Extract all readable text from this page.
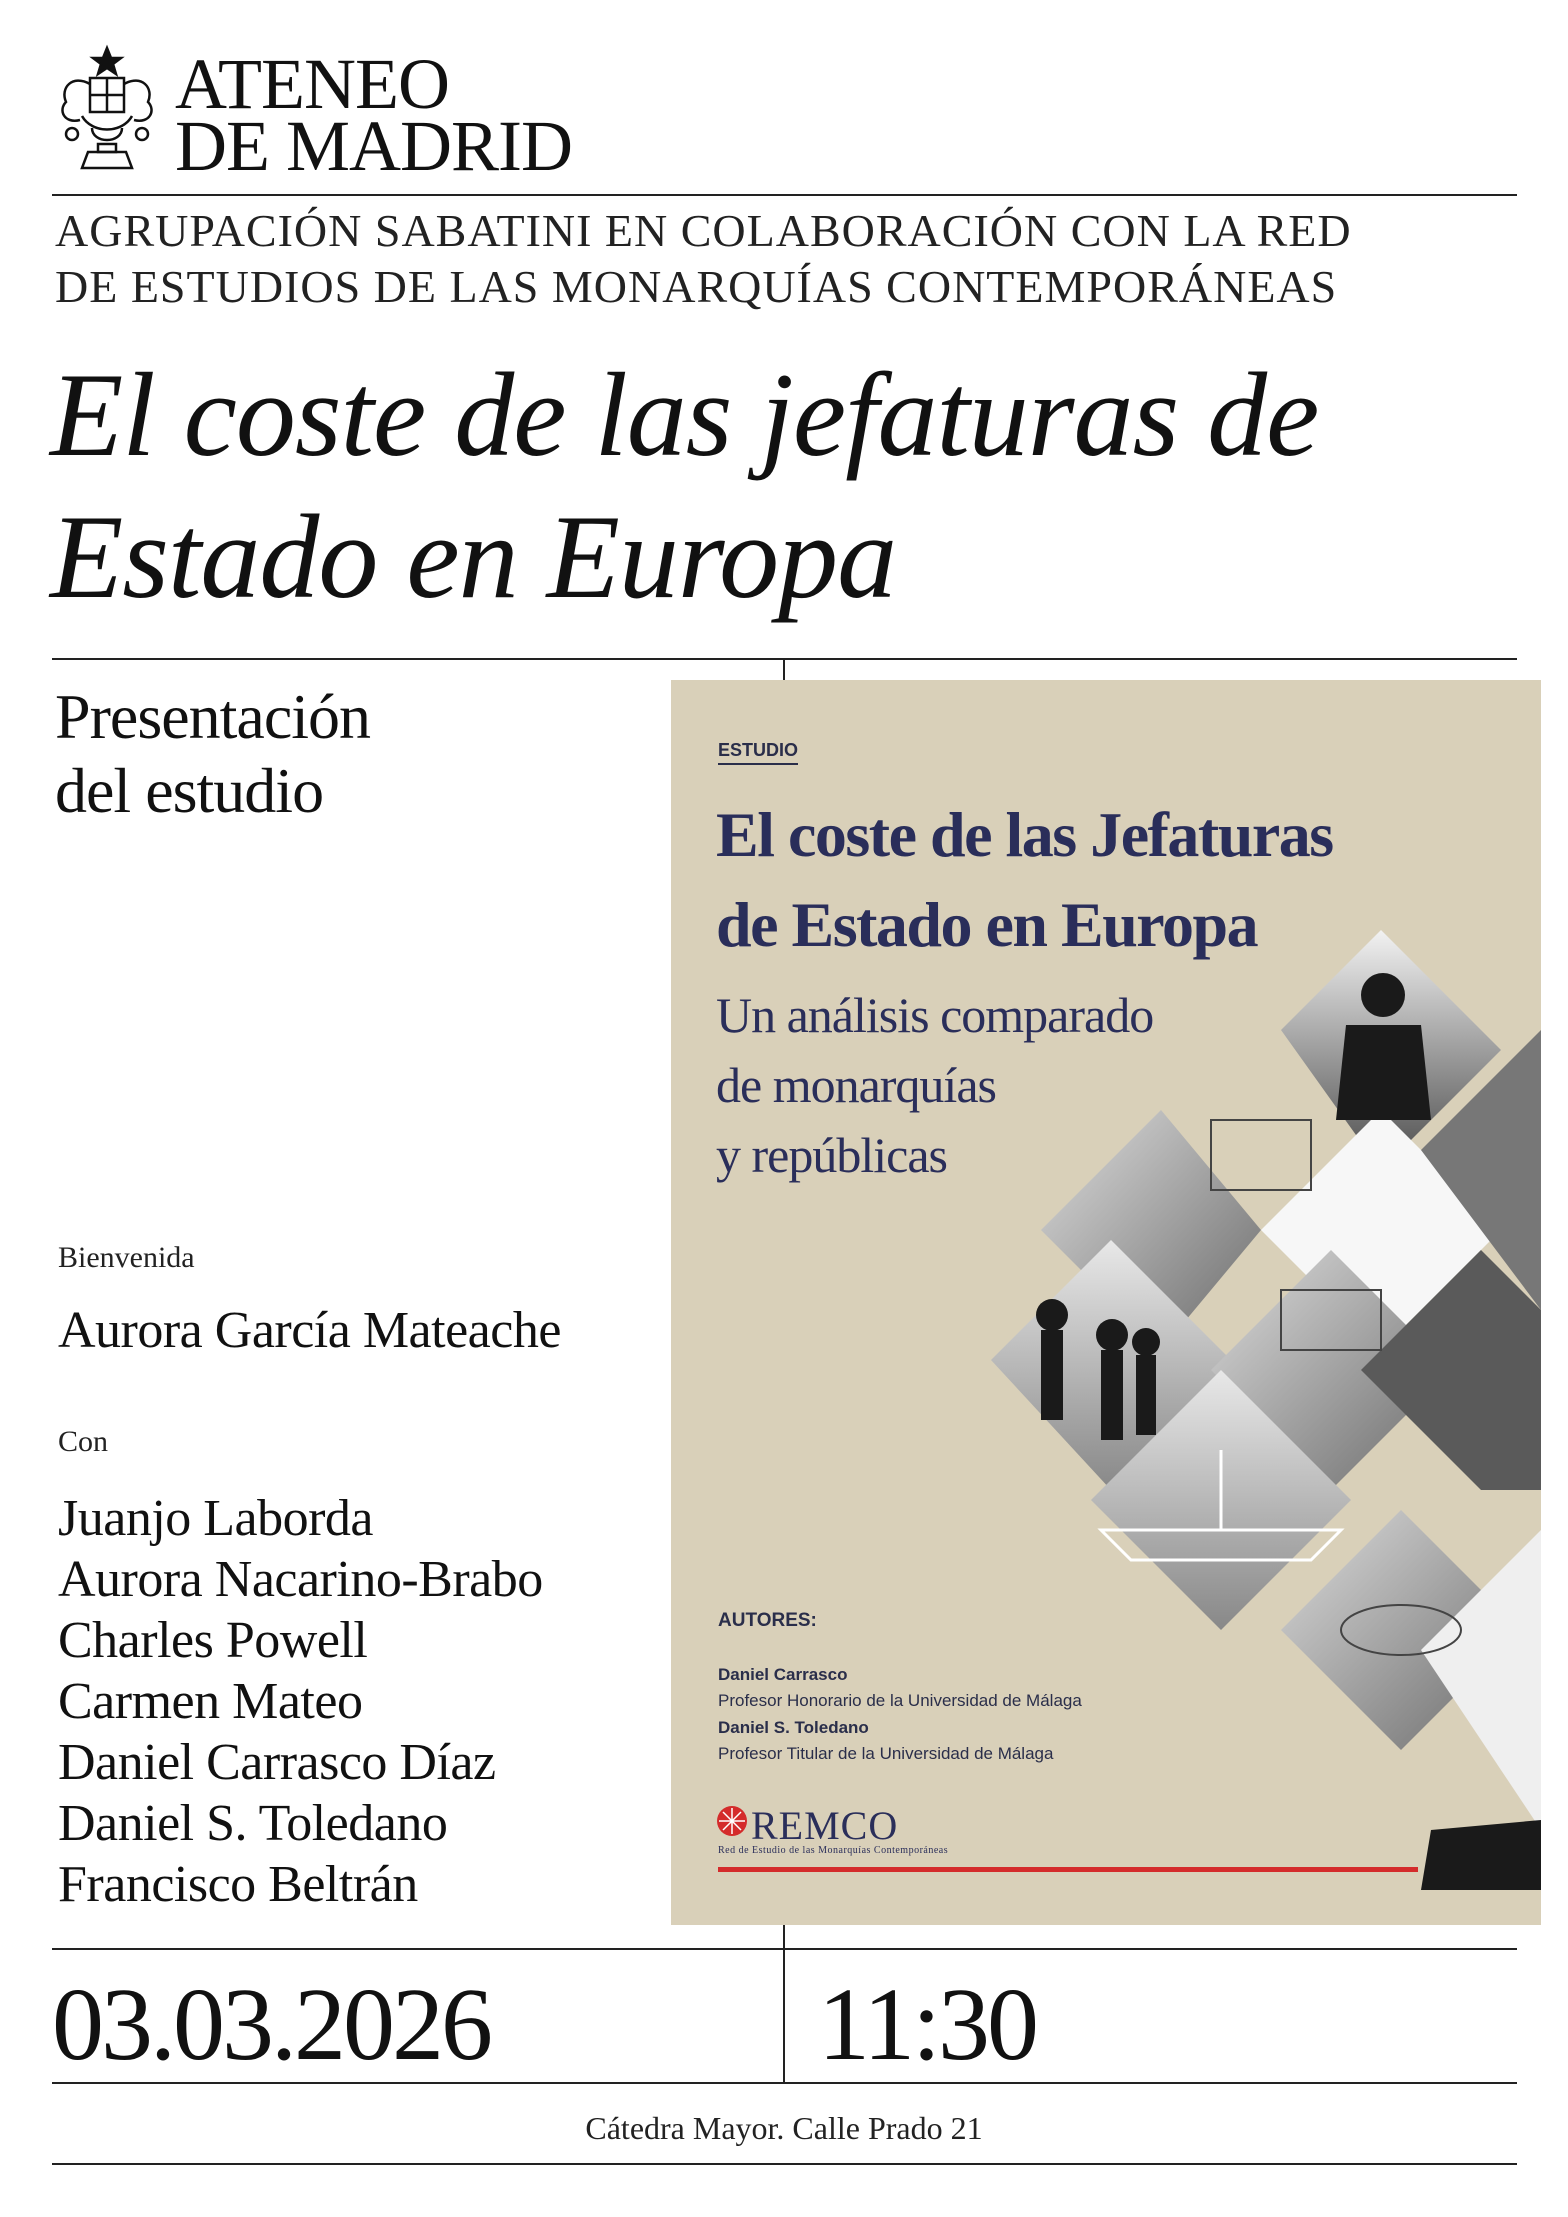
ATENEO
DE MADRID
AGRUPACIÓN SABATINI EN COLABORACIÓN CON LA RED
DE ESTUDIOS DE LAS MONARQUÍAS CONTEMPORÁNEAS
El coste de las jefaturas de
Estado en Europa
Presentación
del estudio
Bienvenida
Aurora García Mateache
Con
Juanjo Laborda
Aurora Nacarino-Brabo
Charles Powell
Carmen Mateo
Daniel Carrasco Díaz
Daniel S. Toledano
Francisco Beltrán
ESTUDIO
El coste de las Jefaturas
de Estado en Europa
Un análisis comparado
de monarquías
y repúblicas
AUTORES:
Daniel Carrasco
Profesor Honorario de la Universidad de Málaga
Daniel S. Toledano
Profesor Titular de la Universidad de Málaga
REMCO
Red de Estudio de las Monarquías Contemporáneas
03.03.2026	11:30
Cátedra Mayor. Calle Prado 21
